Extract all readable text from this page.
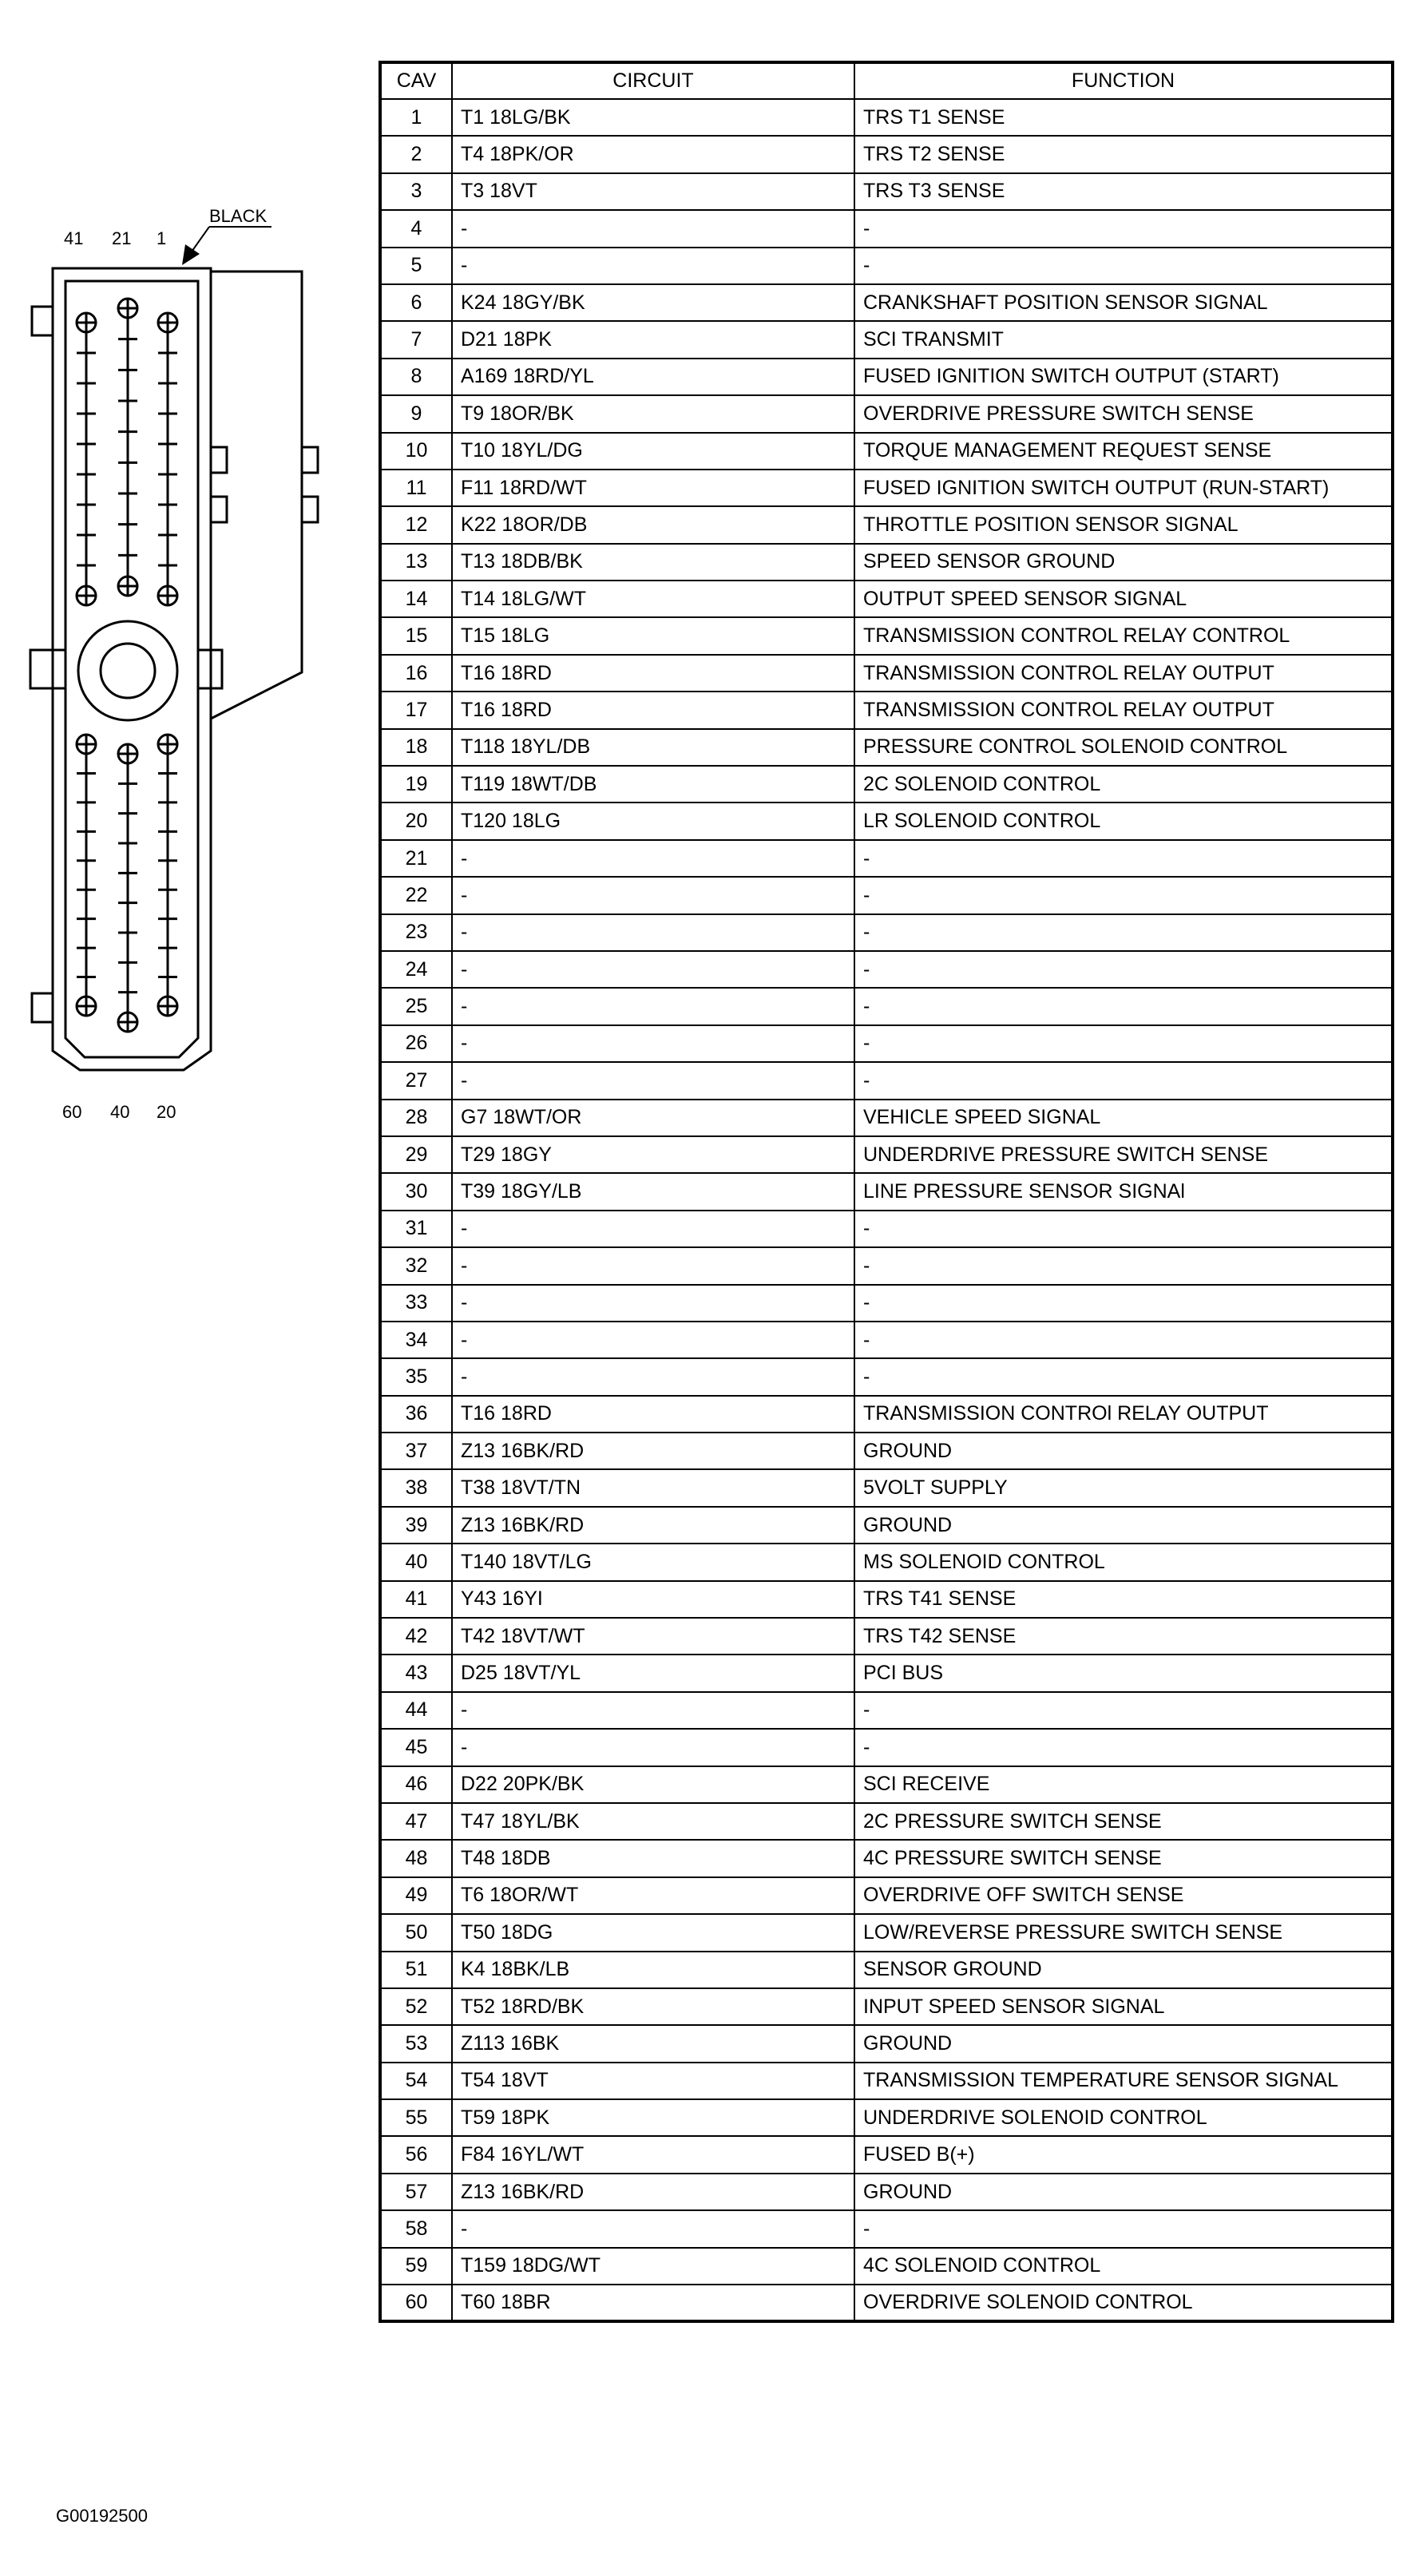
BLACK
41 21 1
60 40 20
CAV	CIRCUIT	FUNCTION
1	T1 18LG/BK	TRS T1 SENSE
2	T4 18PK/OR	TRS T2 SENSE
3	T3 18VT	TRS T3 SENSE
4	-	-
5	-	-
6	K24 18GY/BK	CRANKSHAFT POSITION SENSOR SIGNAL
7	D21 18PK	SCI TRANSMIT
8	A169 18RD/YL	FUSED IGNITION SWITCH OUTPUT (START)
9	T9 18OR/BK	OVERDRIVE PRESSURE SWITCH SENSE
10	T10 18YL/DG	TORQUE MANAGEMENT REQUEST SENSE
11	F11 18RD/WT	FUSED IGNITION SWITCH OUTPUT (RUN-START)
12	K22 18OR/DB	THROTTLE POSITION SENSOR SIGNAL
13	T13 18DB/BK	SPEED SENSOR GROUND
14	T14 18LG/WT	OUTPUT SPEED SENSOR SIGNAL
15	T15 18LG	TRANSMISSION CONTROL RELAY CONTROL
16	T16 18RD	TRANSMISSION CONTROL RELAY OUTPUT
17	T16 18RD	TRANSMISSION CONTROL RELAY OUTPUT
18	T118 18YL/DB	PRESSURE CONTROL SOLENOID CONTROL
19	T119 18WT/DB	2C SOLENOID CONTROL
20	T120 18LG	LR SOLENOID CONTROL
21	-	-
22	-	-
23	-	-
24	-	-
25	-	-
26	-	-
27	-	-
28	G7 18WT/OR	VEHICLE SPEED SIGNAL
29	T29 18GY	UNDERDRIVE PRESSURE SWITCH SENSE
30	T39 18GY/LB	LINE PRESSURE SENSOR SIGNAl
31	-	-
32	-	-
33	-	-
34	-	-
35	-	-
36	T16 18RD	TRANSMISSION CONTROl RELAY OUTPUT
37	Z13 16BK/RD	GROUND
38	T38 18VT/TN	5VOLT SUPPLY
39	Z13 16BK/RD	GROUND
40	T140 18VT/LG	MS SOLENOID CONTROL
41	Y43 16YI	TRS T41 SENSE
42	T42 18VT/WT	TRS T42 SENSE
43	D25 18VT/YL	PCI BUS
44	-	-
45	-	-
46	D22 20PK/BK	SCI RECEIVE
47	T47 18YL/BK	2C PRESSURE SWITCH SENSE
48	T48 18DB	4C PRESSURE SWITCH SENSE
49	T6 18OR/WT	OVERDRIVE OFF SWITCH SENSE
50	T50 18DG	LOW/REVERSE PRESSURE SWITCH SENSE
51	K4 18BK/LB	SENSOR GROUND
52	T52 18RD/BK	INPUT SPEED SENSOR SIGNAL
53	Z113 16BK	GROUND
54	T54 18VT	TRANSMISSION TEMPERATURE SENSOR SIGNAL
55	T59 18PK	UNDERDRIVE SOLENOID CONTROL
56	F84 16YL/WT	FUSED B(+)
57	Z13 16BK/RD	GROUND
58	-	-
59	T159 18DG/WT	4C SOLENOID CONTROL
60	T60 18BR	OVERDRIVE SOLENOID CONTROL
G00192500
